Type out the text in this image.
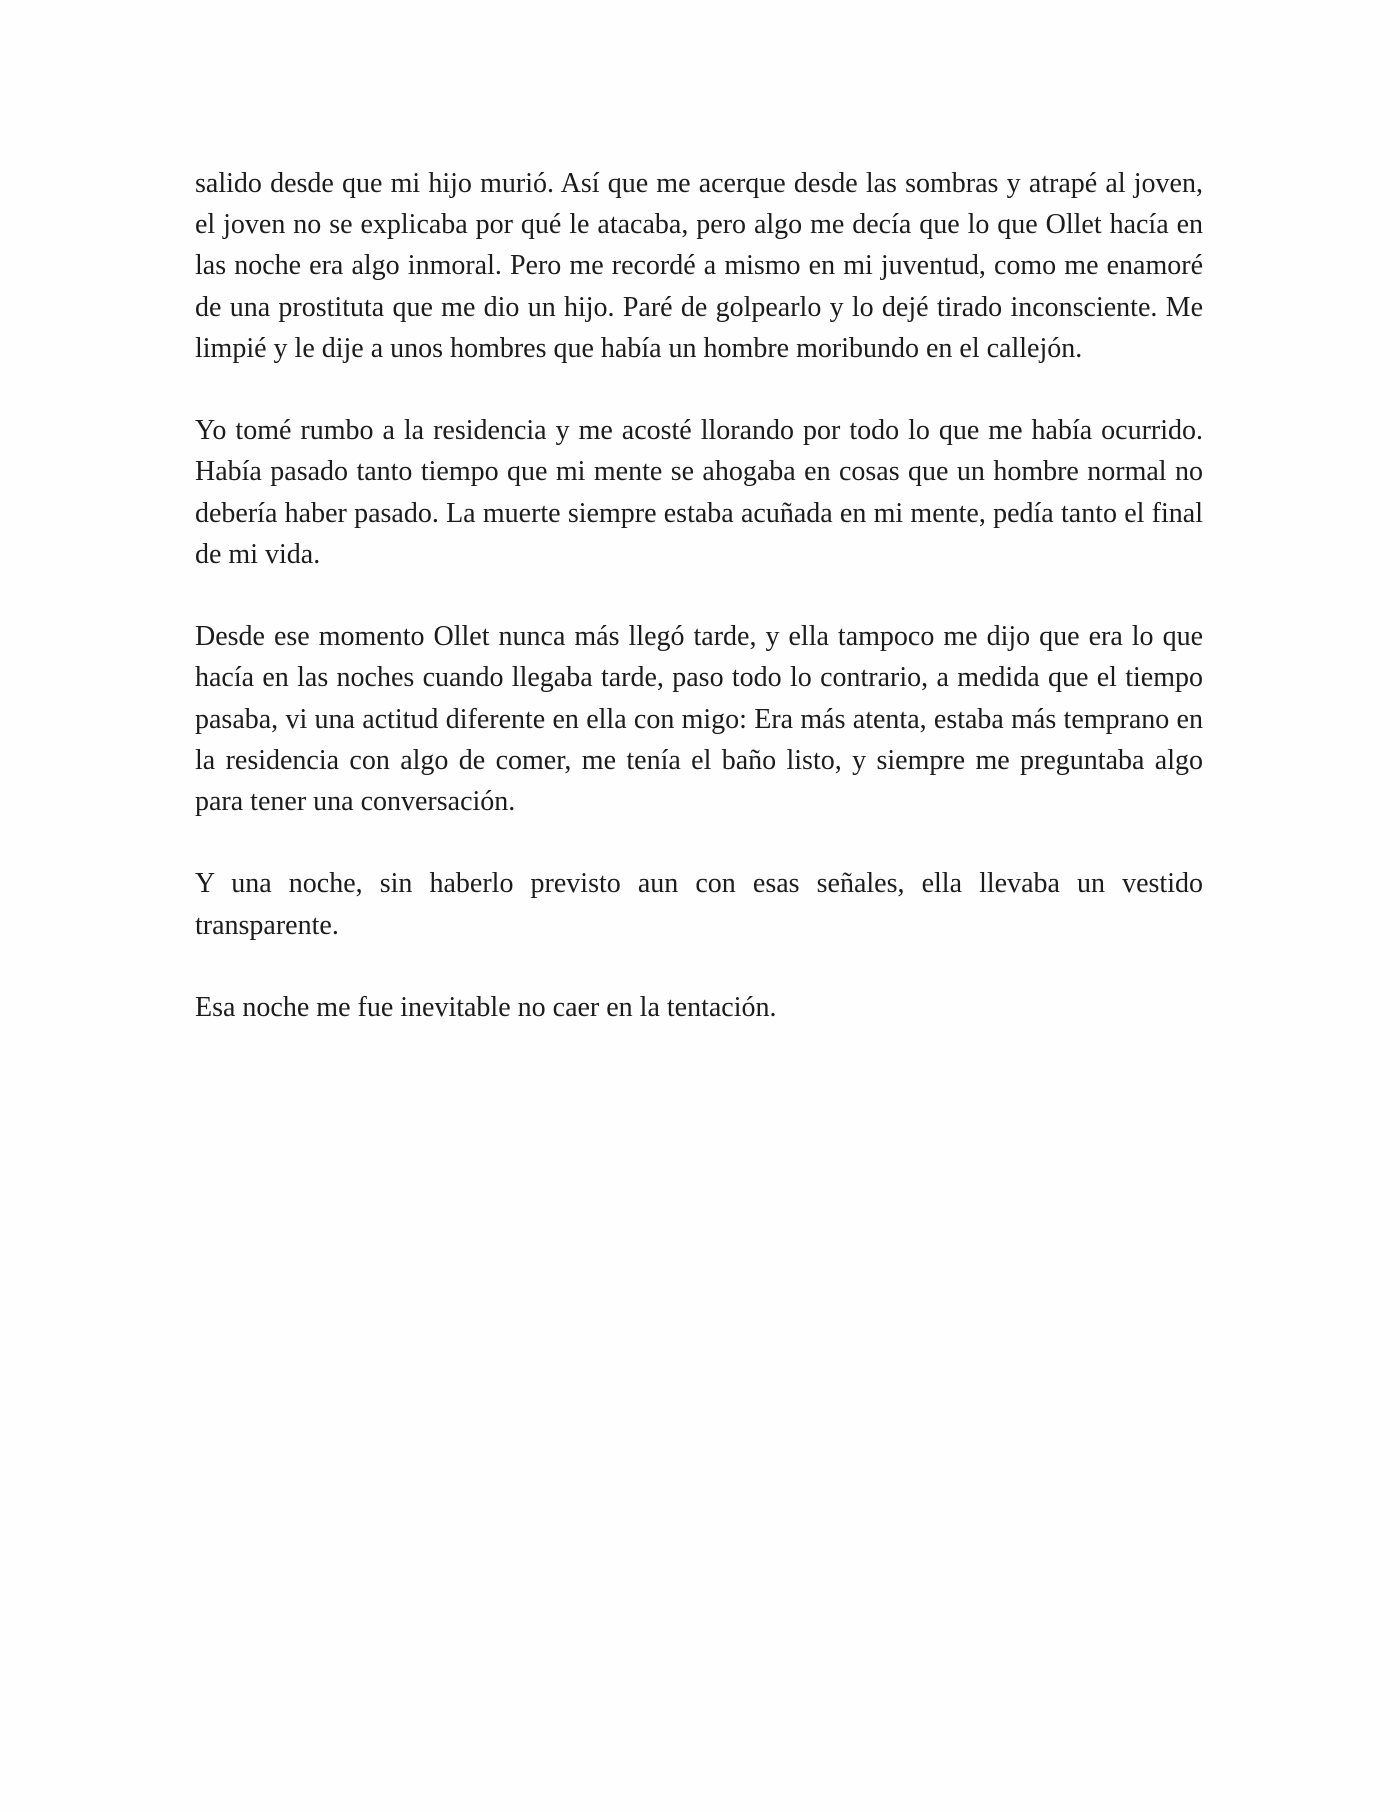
salido desde que mi hijo murió. Así que me acerque desde las sombras y atrapé al joven, el joven no se explicaba por qué le atacaba, pero algo me decía que lo que Ollet hacía en las noche era algo inmoral. Pero me recordé a mismo en mi juventud, como me enamoré de una prostituta que me dio un hijo. Paré de golpearlo y lo dejé tirado inconsciente. Me limpié y le dije a unos hombres que había un hombre moribundo en el callejón.

Yo tomé rumbo a la residencia y me acosté llorando por todo lo que me había ocurrido. Había pasado tanto tiempo que mi mente se ahogaba en cosas que un hombre normal no debería haber pasado. La muerte siempre estaba acuñada en mi mente, pedía tanto el final de mi vida.

Desde ese momento Ollet nunca más llegó tarde, y ella tampoco me dijo que era lo que hacía en las noches cuando llegaba tarde, paso todo lo contrario, a medida que el tiempo pasaba, vi una actitud diferente en ella con migo: Era más atenta, estaba más temprano en la residencia con algo de comer, me tenía el baño listo, y siempre me preguntaba algo para tener una conversación.

Y una noche, sin haberlo previsto aun con esas señales, ella llevaba un vestido transparente.

Esa noche me fue inevitable no caer en la tentación.
